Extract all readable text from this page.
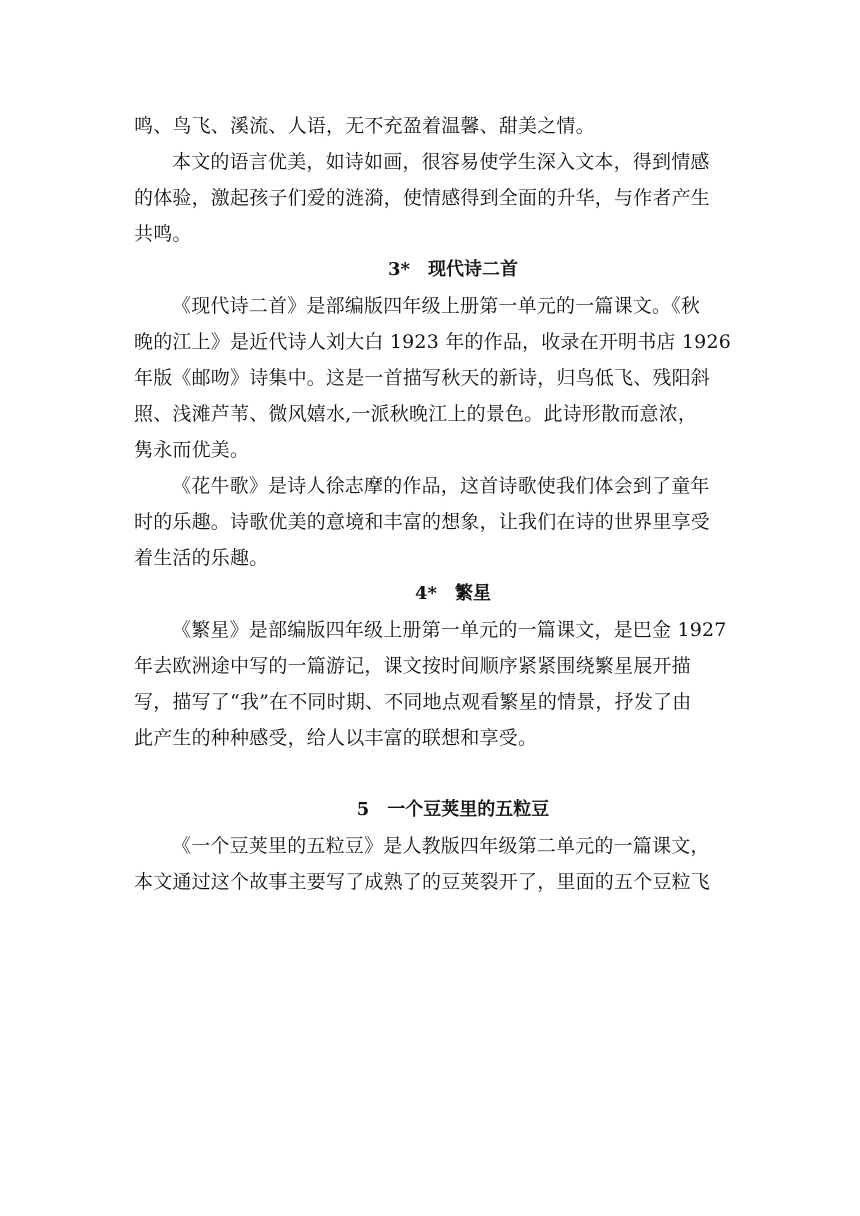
鸣、鸟飞、溪流、人语，无不充盈着温馨、甜美之情。
本文的语言优美，如诗如画，很容易使学生深入文本，得到情感
的体验，激起孩子们爱的涟漪，使情感得到全面的升华，与作者产生
共鸣。
3*　现代诗二首
《现代诗二首》是部编版四年级上册第一单元的一篇课文。《秋
晚的江上》是近代诗人刘大白 1923 年的作品，收录在开明书店 1926
年版《邮吻》诗集中。这是一首描写秋天的新诗，归鸟低飞、残阳斜
照、浅滩芦苇、微风嬉水,一派秋晚江上的景色。此诗形散而意浓，
隽永而优美。
《花牛歌》是诗人徐志摩的作品，这首诗歌使我们体会到了童年
时的乐趣。诗歌优美的意境和丰富的想象，让我们在诗的世界里享受
着生活的乐趣。
4*　繁星
《繁星》是部编版四年级上册第一单元的一篇课文，是巴金 1927
年去欧洲途中写的一篇游记，课文按时间顺序紧紧围绕繁星展开描
写，描写了“我”在不同时期、不同地点观看繁星的情景，抒发了由
此产生的种种感受，给人以丰富的联想和享受。
5　一个豆荚里的五粒豆
《一个豆荚里的五粒豆》是人教版四年级第二单元的一篇课文，
本文通过这个故事主要写了成熟了的豆荚裂开了，里面的五个豆粒飞
